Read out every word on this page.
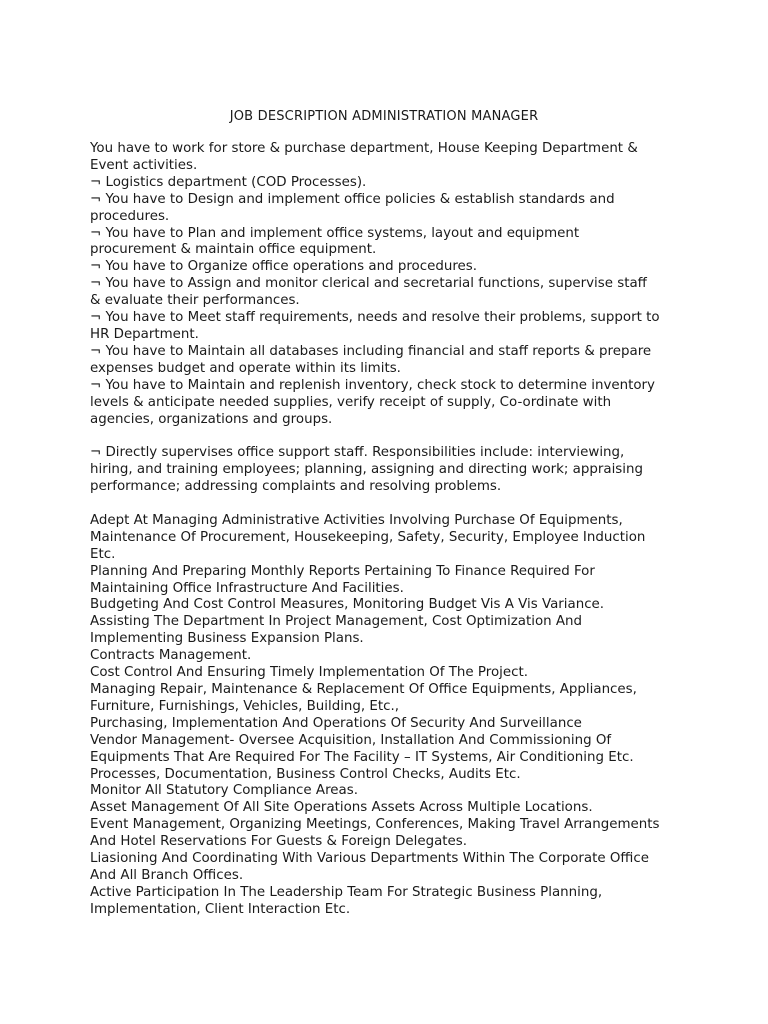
JOB DESCRIPTION ADMINISTRATION MANAGER

You have to work for store & purchase department, House Keeping Department &

Event activities.

¬ Logistics department (COD Processes).

¬ You have to Design and implement office policies & establish standards and

procedures.

¬ You have to Plan and implement office systems, layout and equipment

procurement & maintain office equipment.

¬ You have to Organize office operations and procedures.

¬ You have to Assign and monitor clerical and secretarial functions, supervise staff

& evaluate their performances.

¬ You have to Meet staff requirements, needs and resolve their problems, support to

HR Department.

¬ You have to Maintain all databases including financial and staff reports & prepare

expenses budget and operate within its limits.

¬ You have to Maintain and replenish inventory, check stock to determine inventory

levels & anticipate needed supplies, verify receipt of supply, Co-ordinate with

agencies, organizations and groups.

¬ Directly supervises office support staff. Responsibilities include: interviewing,

hiring, and training employees; planning, assigning and directing work; appraising

performance; addressing complaints and resolving problems.

Adept At Managing Administrative Activities Involving Purchase Of Equipments,

Maintenance Of Procurement, Housekeeping, Safety, Security, Employee Induction

Etc.

Planning And Preparing Monthly Reports Pertaining To Finance Required For

Maintaining Office Infrastructure And Facilities.

Budgeting And Cost Control Measures, Monitoring Budget Vis A Vis Variance.

Assisting The Department In Project Management, Cost Optimization And

Implementing Business Expansion Plans.

Contracts Management.

Cost Control And Ensuring Timely Implementation Of The Project.

Managing Repair, Maintenance & Replacement Of Office Equipments, Appliances,

Furniture, Furnishings, Vehicles, Building, Etc.,

Purchasing, Implementation And Operations Of Security And Surveillance

Vendor Management- Oversee Acquisition, Installation And Commissioning Of

Equipments That Are Required For The Facility – IT Systems, Air Conditioning Etc.

Processes, Documentation, Business Control Checks, Audits Etc.

Monitor All Statutory Compliance Areas.

Asset Management Of All Site Operations Assets Across Multiple Locations.

Event Management, Organizing Meetings, Conferences, Making Travel Arrangements

And Hotel Reservations For Guests & Foreign Delegates.

Liasioning And Coordinating With Various Departments Within The Corporate Office

And All Branch Offices.

Active Participation In The Leadership Team For Strategic Business Planning,

Implementation, Client Interaction Etc.
